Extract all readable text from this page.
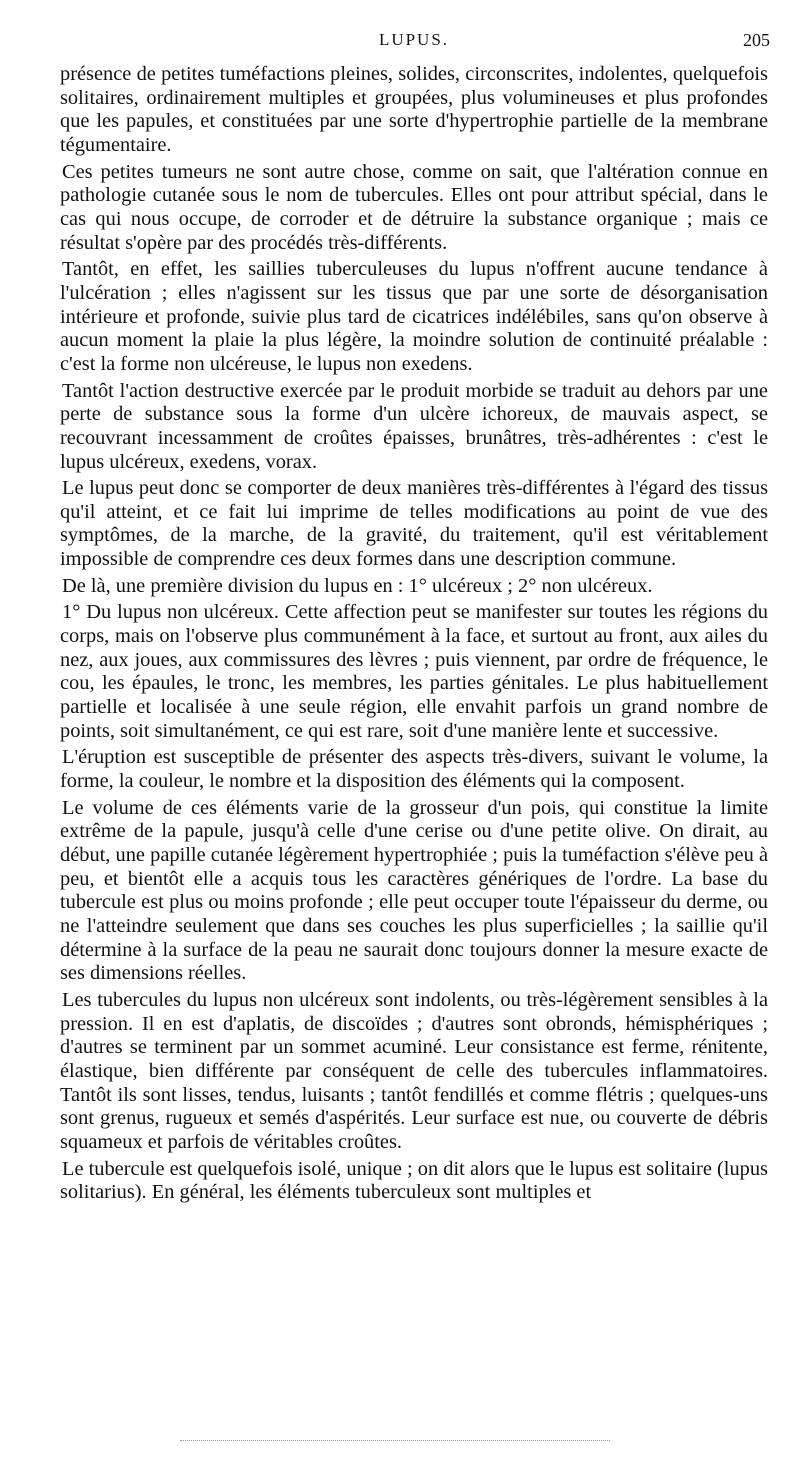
LUPUS.	205

présence de petites tuméfactions pleines, solides, circonscrites, indolentes, quelquefois solitaires, ordinairement multiples et groupées, plus volumineuses et plus profondes que les papules, et constituées par une sorte d'hypertrophie partielle de la membrane tégumentaire.

Ces petites tumeurs ne sont autre chose, comme on sait, que l'altération connue en pathologie cutanée sous le nom de tubercules. Elles ont pour attribut spécial, dans le cas qui nous occupe, de corroder et de détruire la substance organique ; mais ce résultat s'opère par des procédés très-différents.

Tantôt, en effet, les saillies tuberculeuses du lupus n'offrent aucune tendance à l'ulcération ; elles n'agissent sur les tissus que par une sorte de désorganisation intérieure et profonde, suivie plus tard de cicatrices indélébiles, sans qu'on observe à aucun moment la plaie la plus légère, la moindre solution de continuité préalable : c'est la forme non ulcéreuse, le lupus non exedens.

Tantôt l'action destructive exercée par le produit morbide se traduit au dehors par une perte de substance sous la forme d'un ulcère ichoreux, de mauvais aspect, se recouvrant incessamment de croûtes épaisses, brunâtres, très-adhérentes : c'est le lupus ulcéreux, exedens, vorax.

Le lupus peut donc se comporter de deux manières très-différentes à l'égard des tissus qu'il atteint, et ce fait lui imprime de telles modifications au point de vue des symptômes, de la marche, de la gravité, du traitement, qu'il est véritablement impossible de comprendre ces deux formes dans une description commune.

De là, une première division du lupus en : 1° ulcéreux ; 2° non ulcéreux.

1° Du lupus non ulcéreux. Cette affection peut se manifester sur toutes les régions du corps, mais on l'observe plus communément à la face, et surtout au front, aux ailes du nez, aux joues, aux commissures des lèvres ; puis viennent, par ordre de fréquence, le cou, les épaules, le tronc, les membres, les parties génitales. Le plus habituellement partielle et localisée à une seule région, elle envahit parfois un grand nombre de points, soit simultanément, ce qui est rare, soit d'une manière lente et successive.

L'éruption est susceptible de présenter des aspects très-divers, suivant le volume, la forme, la couleur, le nombre et la disposition des éléments qui la composent.

Le volume de ces éléments varie de la grosseur d'un pois, qui constitue la limite extrême de la papule, jusqu'à celle d'une cerise ou d'une petite olive. On dirait, au début, une papille cutanée légèrement hypertrophiée ; puis la tuméfaction s'élève peu à peu, et bientôt elle a acquis tous les caractères génériques de l'ordre. La base du tubercule est plus ou moins profonde ; elle peut occuper toute l'épaisseur du derme, ou ne l'atteindre seulement que dans ses couches les plus superficielles ; la saillie qu'il détermine à la surface de la peau ne saurait donc toujours donner la mesure exacte de ses dimensions réelles.

Les tubercules du lupus non ulcéreux sont indolents, ou très-légèrement sensibles à la pression. Il en est d'aplatis, de discoïdes ; d'autres sont obronds, hémisphériques ; d'autres se terminent par un sommet acuminé. Leur consistance est ferme, rénitente, élastique, bien différente par conséquent de celle des tubercules inflammatoires. Tantôt ils sont lisses, tendus, luisants ; tantôt fendillés et comme flétris ; quelques-uns sont grenus, rugueux et semés d'aspérités. Leur surface est nue, ou couverte de débris squameux et parfois de véritables croûtes.

Le tubercule est quelquefois isolé, unique ; on dit alors que le lupus est solitaire (lupus solitarius). En général, les éléments tuberculeux sont multiples et
